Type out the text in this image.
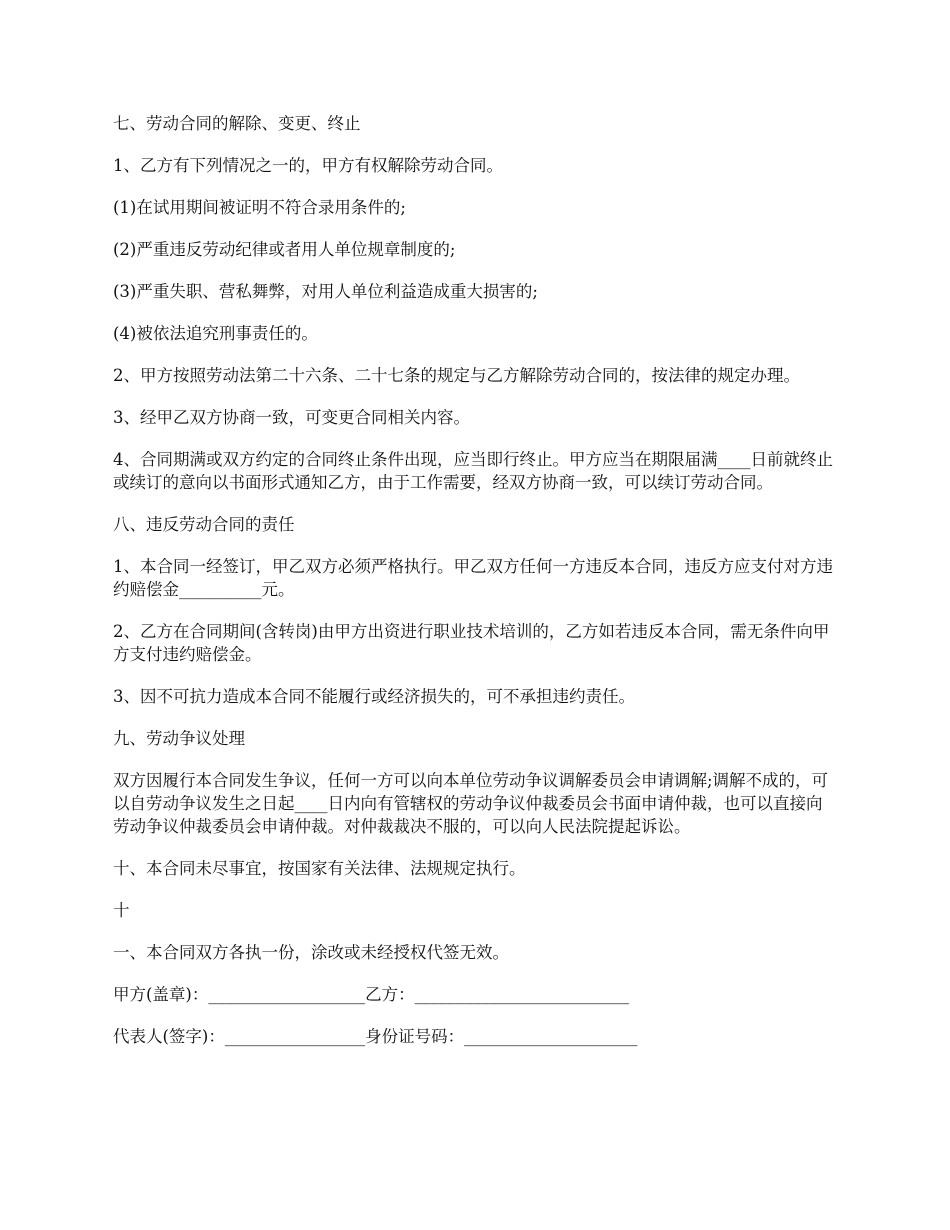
七、劳动合同的解除、变更、终止

1、乙方有下列情况之一的，甲方有权解除劳动合同。

(1)在试用期间被证明不符合录用条件的;

(2)严重违反劳动纪律或者用人单位规章制度的;

(3)严重失职、营私舞弊，对用人单位利益造成重大损害的;

(4)被依法追究刑事责任的。

2、甲方按照劳动法第二十六条、二十七条的规定与乙方解除劳动合同的，按法律的规定办理。

3、经甲乙双方协商一致，可变更合同相关内容。

4、合同期满或双方约定的合同终止条件出现，应当即行终止。甲方应当在期限届满____日前就终止或续订的意向以书面形式通知乙方，由于工作需要，经双方协商一致，可以续订劳动合同。

八、违反劳动合同的责任

1、本合同一经签订，甲乙双方必须严格执行。甲乙双方任何一方违反本合同，违反方应支付对方违约赔偿金__________元。

2、乙方在合同期间(含转岗)由甲方出资进行职业技术培训的，乙方如若违反本合同，需无条件向甲方支付违约赔偿金。

3、因不可抗力造成本合同不能履行或经济损失的，可不承担违约责任。

九、劳动争议处理

双方因履行本合同发生争议，任何一方可以向本单位劳动争议调解委员会申请调解;调解不成的，可以自劳动争议发生之日起____日内向有管辖权的劳动争议仲裁委员会书面申请仲裁，也可以直接向劳动争议仲裁委员会申请仲裁。对仲裁裁决不服的，可以向人民法院提起诉讼。

十、本合同未尽事宜，按国家有关法律、法规规定执行。

十

一、本合同双方各执一份，涂改或未经授权代签无效。

甲方(盖章)：___________________乙方：__________________________

代表人(签字)：_________________身份证号码：_____________________
